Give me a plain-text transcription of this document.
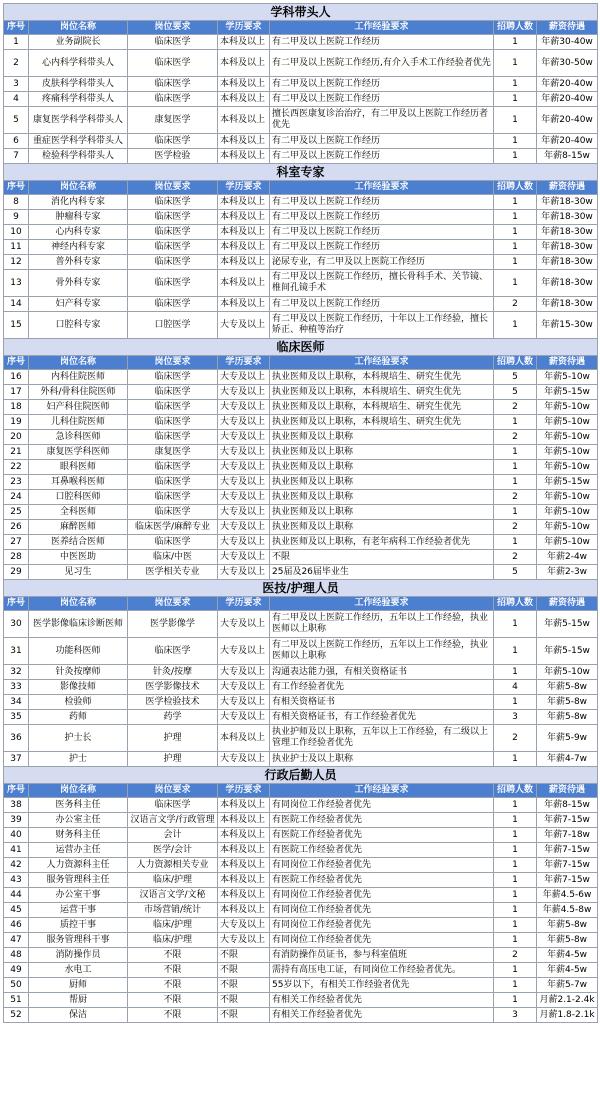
学科带头人						
序号	岗位名称	岗位要求	学历要求	工作经验要求	招聘人数	薪资待遇
1	业务副院长	临床医学	本科及以上	有二甲及以上医院工作经历	1	年薪30-40w
2	心内科学科带头人	临床医学	本科及以上	有二甲及以上医院工作经历,有介入手术工作经验者优先	1	年薪30-50w
3	皮肤科学科带头人	临床医学	本科及以上	有二甲及以上医院工作经历	1	年薪20-40w
4	疼痛科学科带头人	临床医学	本科及以上	有二甲及以上医院工作经历	1	年薪20-40w
5	康复医学科学科带头人	康复医学	本科及以上	擅长西医康复诊治治疗，有二甲及以上医院工作经历者优先	1	年薪20-40w
6	重症医学科学科带头人	临床医学	本科及以上	有二甲及以上医院工作经历	1	年薪20-40w
7	检验科学科带头人	医学检验	本科及以上	有二甲及以上医院工作经历	1	年薪8-15w
科室专家						
序号	岗位名称	岗位要求	学历要求	工作经验要求	招聘人数	薪资待遇
8	消化内科专家	临床医学	本科及以上	有二甲及以上医院工作经历	1	年薪18-30w
9	肿瘤科专家	临床医学	本科及以上	有二甲及以上医院工作经历	1	年薪18-30w
10	心内科专家	临床医学	本科及以上	有二甲及以上医院工作经历	1	年薪18-30w
11	神经内科专家	临床医学	本科及以上	有二甲及以上医院工作经历	1	年薪18-30w
12	普外科专家	临床医学	本科及以上	泌尿专业，有二甲及以上医院工作经历	1	年薪18-30w
13	骨外科专家	临床医学	本科及以上	有二甲及以上医院工作经历，擅长骨科手术、关节镜、椎间孔镜手术	1	年薪18-30w
14	妇产科专家	临床医学	本科及以上	有二甲及以上医院工作经历	2	年薪18-30w
15	口腔科专家	口腔医学	大专及以上	有二甲及以上医院工作经历，十年以上工作经验，擅长矫正、种植等治疗	1	年薪15-30w
临床医师						
序号	岗位名称	岗位要求	学历要求	工作经验要求	招聘人数	薪资待遇
16	内科住院医师	临床医学	大专及以上	执业医师及以上职称，本科规培生、研究生优先	5	年薪5-10w
17	外科/骨科住院医师	临床医学	大专及以上	执业医师及以上职称，本科规培生、研究生优先	5	年薪5-15w
18	妇产科住院医师	临床医学	大专及以上	执业医师及以上职称，本科规培生、研究生优先	2	年薪5-10w
19	儿科住院医师	临床医学	大专及以上	执业医师及以上职称，本科规培生、研究生优先	1	年薪5-10w
20	急诊科医师	临床医学	大专及以上	执业医师及以上职称	2	年薪5-10w
21	康复医学科医师	康复医学	大专及以上	执业医师及以上职称	1	年薪5-10w
22	眼科医师	临床医学	大专及以上	执业医师及以上职称	1	年薪5-10w
23	耳鼻喉科医师	临床医学	大专及以上	执业医师及以上职称	1	年薪5-15w
24	口腔科医师	临床医学	大专及以上	执业医师及以上职称	2	年薪5-10w
25	全科医师	临床医学	大专及以上	执业医师及以上职称	1	年薪5-10w
26	麻醉医师	临床医学/麻醉专业	大专及以上	执业医师及以上职称	2	年薪5-10w
27	医养结合医师	临床医学	大专及以上	执业医师及以上职称，有老年病科工作经验者优先	1	年薪5-10w
28	中医医助	临床/中医	大专及以上	不限	2	年薪2-4w
29	见习生	医学相关专业	大专及以上	25届及26届毕业生	5	年薪2-3w
医技/护理人员						
序号	岗位名称	岗位要求	学历要求	工作经验要求	招聘人数	薪资待遇
30	医学影像临床诊断医师	医学影像学	大专及以上	有二甲及以上医院工作经历，五年以上工作经验，执业医师以上职称	1	年薪5-15w
31	功能科医师	临床医学	大专及以上	有二甲及以上医院工作经历，五年以上工作经验，执业医师以上职称	1	年薪5-15w
32	针灸按摩师	针灸/按摩	大专及以上	沟通表达能力强，有相关资格证书	1	年薪5-10w
33	影像技师	医学影像技术	大专及以上	有工作经验者优先	4	年薪5-8w
34	检验师	医学检验技术	大专及以上	有相关资格证书	1	年薪5-8w
35	药师	药学	大专及以上	有相关资格证书，有工作经验者优先	3	年薪5-8w
36	护士长	护理	本科及以上	执业护师及以上职称，五年以上工作经验，有二级以上管理工作经验者优先	2	年薪5-9w
37	护士	护理	大专及以上	执业护士及以上职称	1	年薪4-7w
行政后勤人员						
序号	岗位名称	岗位要求	学历要求	工作经验要求	招聘人数	薪资待遇
38	医务科主任	临床医学	本科及以上	有同岗位工作经验者优先	1	年薪8-15w
39	办公室主任	汉语言文学/行政管理	本科及以上	有医院工作经验者优先	1	年薪7-15w
40	财务科主任	会计	本科及以上	有医院工作经验者优先	1	年薪7-18w
41	运营办主任	医学/会计	本科及以上	有医院工作经验者优先	1	年薪7-15w
42	人力资源科主任	人力资源相关专业	本科及以上	有同岗位工作经验者优先	1	年薪7-15w
43	服务管理科主任	临床/护理	本科及以上	有医院工作经验者优先	1	年薪7-15w
44	办公室干事	汉语言文学/文秘	本科及以上	有同岗位工作经验者优先	1	年薪4.5-6w
45	运营干事	市场营销/统计	本科及以上	有同岗位工作经验者优先	1	年薪4.5-8w
46	质控干事	临床/护理	大专及以上	有同岗位工作经验者优先	1	年薪5-8w
47	服务管理科干事	临床/护理	大专及以上	有同岗位工作经验者优先	1	年薪5-8w
48	消防操作员	不限	不限	有消防操作员证书，参与科室值班	2	年薪4-5w
49	水电工	不限	不限	需持有高压电工证，有同岗位工作经验者优先。	1	年薪4-5w
50	厨师	不限	不限	55岁以下，有相关工作经验者优先	1	年薪5-7w
51	帮厨	不限	不限	有相关工作经验者优先	1	月薪2.1-2.4k
52	保洁	不限	不限	有相关工作经验者优先	3	月薪1.8-2.1k
